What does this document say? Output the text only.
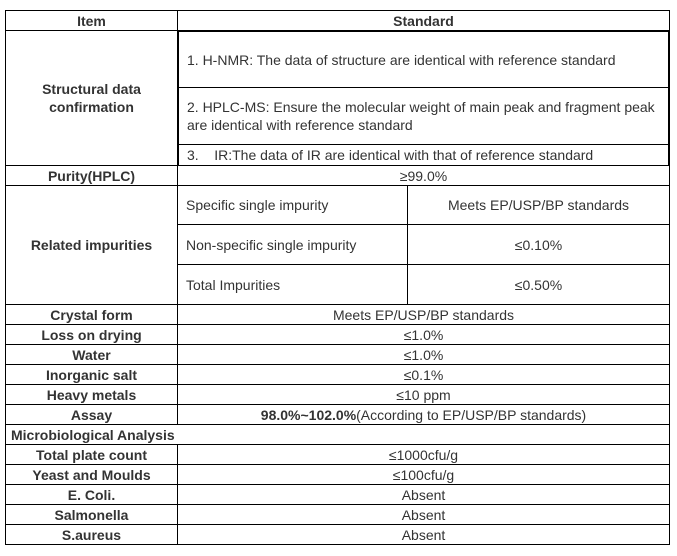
Item	Standard
Structural data confirmation	
1. H-NMR: The data of structure are identical with reference standard
2. HPLC-MS: Ensure the molecular weight of main peak and fragment peak are identical with reference standard
3.    IR:The data of IR are identical with that of reference standard

Purity(HPLC)	≥99.0%
Related impurities	Specific single impurity	Meets EP/USP/BP standards
Non-specific single impurity	≤0.10%
Total Impurities	≤0.50%
Crystal form	Meets EP/USP/BP standards
Loss on drying	≤1.0%
Water	≤1.0%
Inorganic salt	≤0.1%
Heavy metals	≤10 ppm
Assay	98.0%~102.0%(According to EP/USP/BP standards)
Microbiological Analysis
Total plate count	≤1000cfu/g
Yeast and Moulds	≤100cfu/g
E. Coli.	Absent
Salmonella	Absent
S.aureus	Absent
